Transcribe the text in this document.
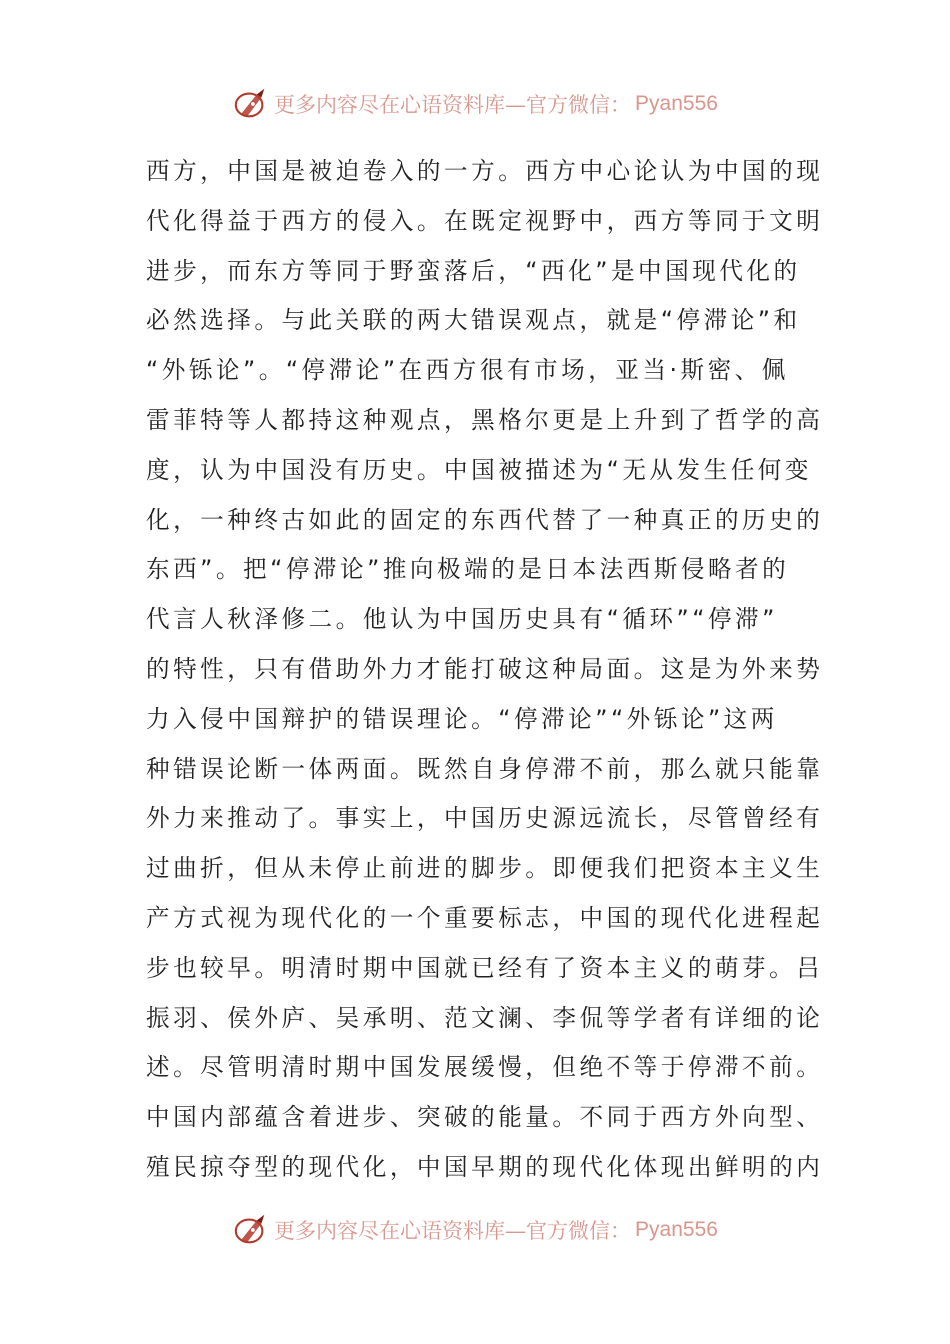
更多内容尽在心语资料库—官方微信： Pyan556
西方，中国是被迫卷入的一方。西方中心论认为中国的现
代化得益于西方的侵入。在既定视野中，西方等同于文明
进步，而东方等同于野蛮落后，“西化”是中国现代化的
必然选择。与此关联的两大错误观点，就是“停滞论”和
“外铄论”。“停滞论”在西方很有市场，亚当·斯密、佩
雷菲特等人都持这种观点，黑格尔更是上升到了哲学的高
度，认为中国没有历史。中国被描述为“无从发生任何变
化，一种终古如此的固定的东西代替了一种真正的历史的
东西”。把“停滞论”推向极端的是日本法西斯侵略者的
代言人秋泽修二。他认为中国历史具有“循环”“停滞”
的特性，只有借助外力才能打破这种局面。这是为外来势
力入侵中国辩护的错误理论。“停滞论”“外铄论”这两
种错误论断一体两面。既然自身停滞不前，那么就只能靠
外力来推动了。事实上，中国历史源远流长，尽管曾经有
过曲折，但从未停止前进的脚步。即便我们把资本主义生
产方式视为现代化的一个重要标志，中国的现代化进程起
步也较早。明清时期中国就已经有了资本主义的萌芽。吕
振羽、侯外庐、吴承明、范文澜、李侃等学者有详细的论
述。尽管明清时期中国发展缓慢，但绝不等于停滞不前。
中国内部蕴含着进步、突破的能量。不同于西方外向型、
殖民掠夺型的现代化，中国早期的现代化体现出鲜明的内
更多内容尽在心语资料库—官方微信： Pyan556
